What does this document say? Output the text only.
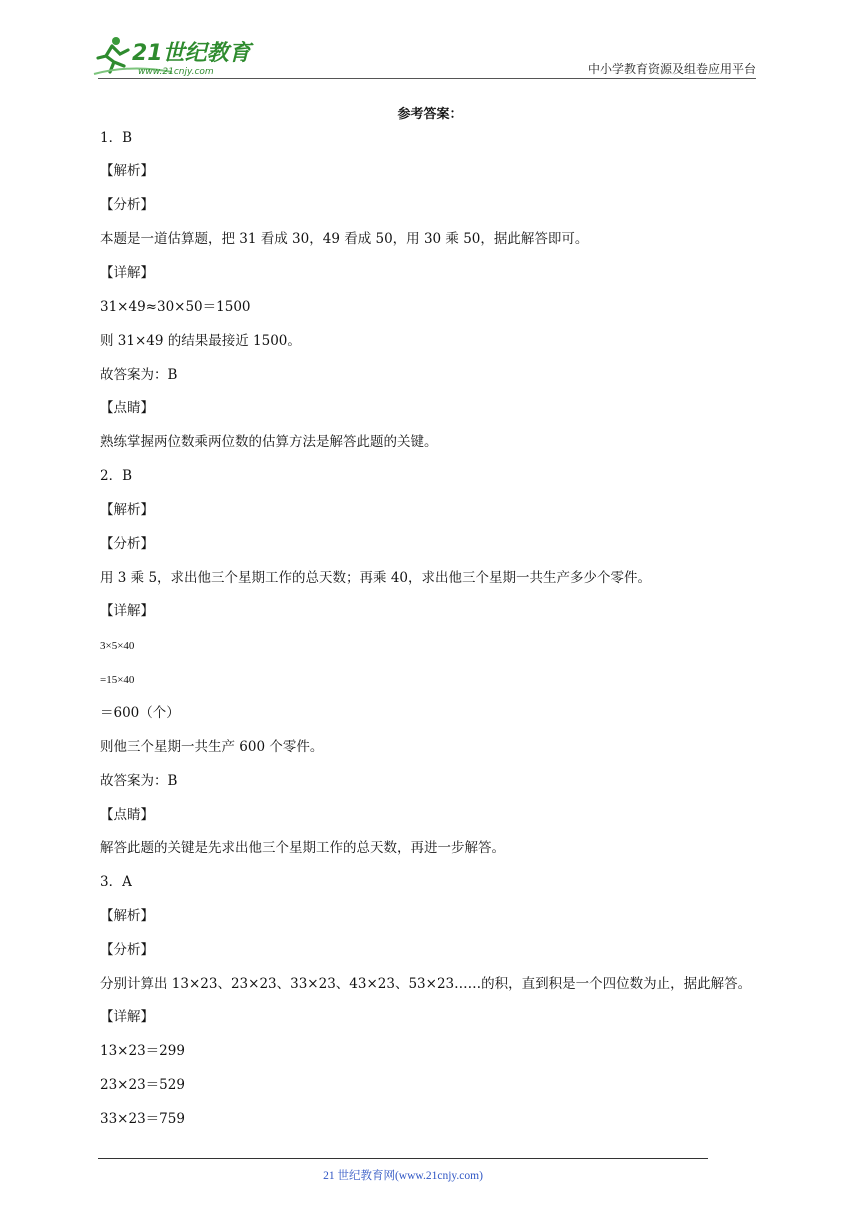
21世纪教育
www.21cnjy.com	中小学教育资源及组卷应用平台
参考答案：
1．B
【解析】
【分析】
本题是一道估算题，把 31 看成 30，49 看成 50，用 30 乘 50，据此解答即可。
【详解】
31×49≈30×50＝1500
则 31×49 的结果最接近 1500。
故答案为：B
【点睛】
熟练掌握两位数乘两位数的估算方法是解答此题的关键。
2．B
【解析】
【分析】
用 3 乘 5，求出他三个星期工作的总天数；再乘 40，求出他三个星期一共生产多少个零件。
【详解】
3×5×40
=15×40
＝600（个）
则他三个星期一共生产 600 个零件。
故答案为：B
【点睛】
解答此题的关键是先求出他三个星期工作的总天数，再进一步解答。
3．A
【解析】
【分析】
分别计算出 13×23、23×23、33×23、43×23、53×23……的积，直到积是一个四位数为止，据此解答。
【详解】
13×23＝299
23×23＝529
33×23＝759
21 世纪教育网(www.21cnjy.com)
